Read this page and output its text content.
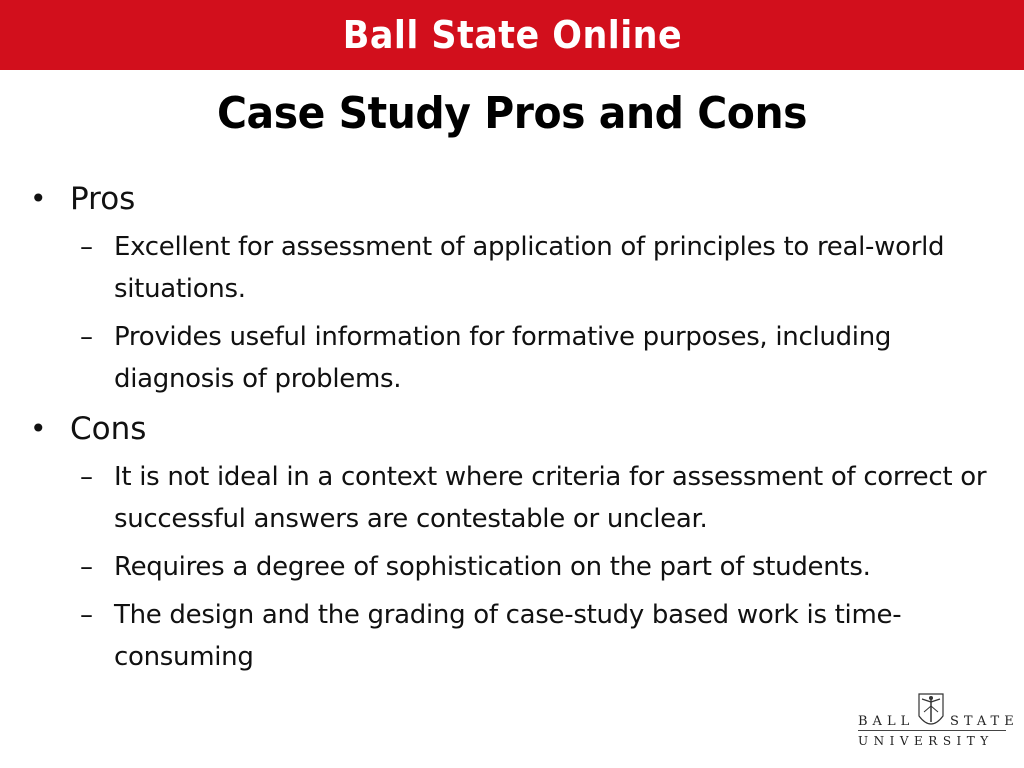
Ball State Online
Case Study Pros and Cons
• Pros
– Excellent for assessment of application of principles to real-world situations.
– Provides useful information for formative purposes, including diagnosis of problems.
• Cons
– It is not ideal in a context where criteria for assessment of correct or successful answers are contestable or unclear.
– Requires a degree of sophistication on the part of students.
– The design and the grading of case-study based work is time-consuming
BALL	STATE
UNIVERSITY
